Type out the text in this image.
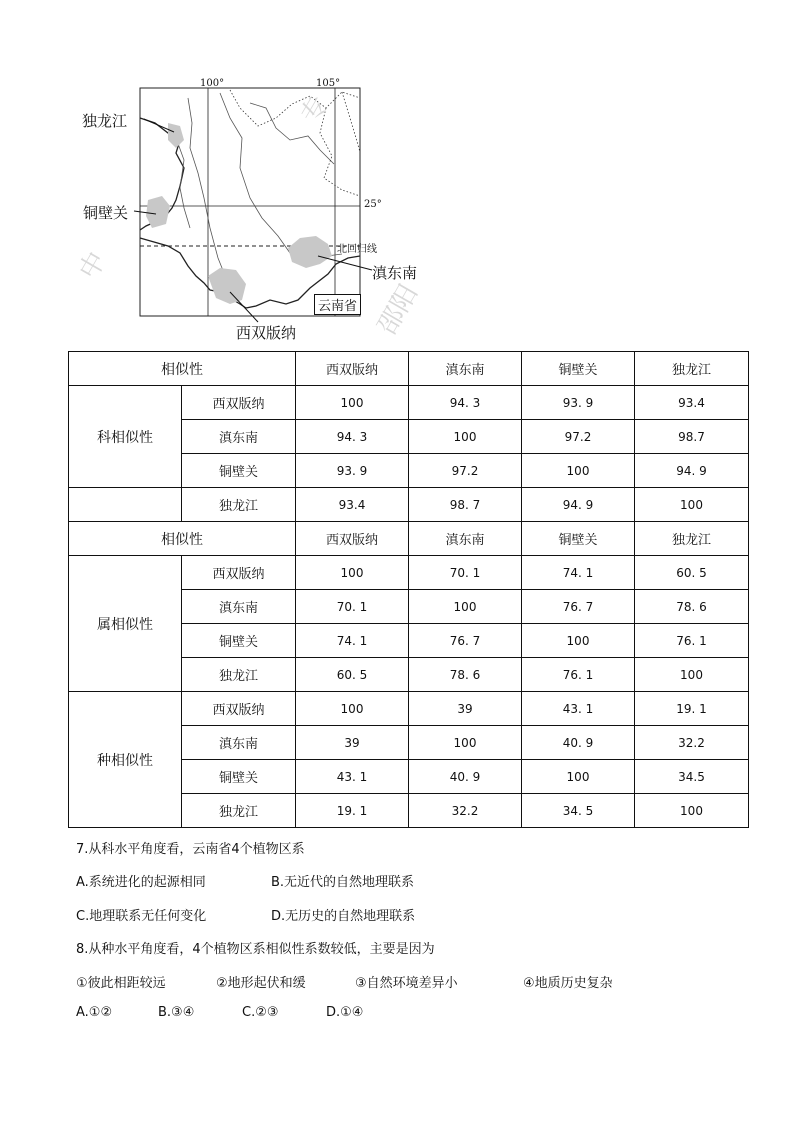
100°	105°
25°
北回归线
云南省
独龙江
铜壁关
滇东南
西双版纳
专
邵阳
中
相似性		西双版纳	滇东南	铜壁关	独龙江
科相似性	西双版纳	100	94. 3	93. 9	93.4
	滇东南	94. 3	100	97.2	98.7
	铜壁关	93. 9	97.2	100	94. 9
	独龙江	93.4	98. 7	94. 9	100
相似性		西双版纳	滇东南	铜壁关	独龙江
属相似性	西双版纳	100	70. 1	74. 1	60. 5
	滇东南	70. 1	100	76. 7	78. 6
	铜壁关	74. 1	76. 7	100	76. 1
	独龙江	60. 5	78. 6	76. 1	100
种相似性	西双版纳	100	39	43. 1	19. 1
	滇东南	39	100	40. 9	32.2
	铜壁关	43. 1	40. 9	100	34.5
	独龙江	19. 1	32.2	34. 5	100
7.从科水平角度看，云南省4个植物区系
A.系统进化的起源相同	B.无近代的自然地理联系
C.地理联系无任何变化	D.无历史的自然地理联系
8.从种水平角度看，4个植物区系相似性系数较低，主要是因为
①彼此相距较远	②地形起伏和缓	③自然环境差异小	④地质历史复杂
A.①②	B.③④	C.②③	D.①④
